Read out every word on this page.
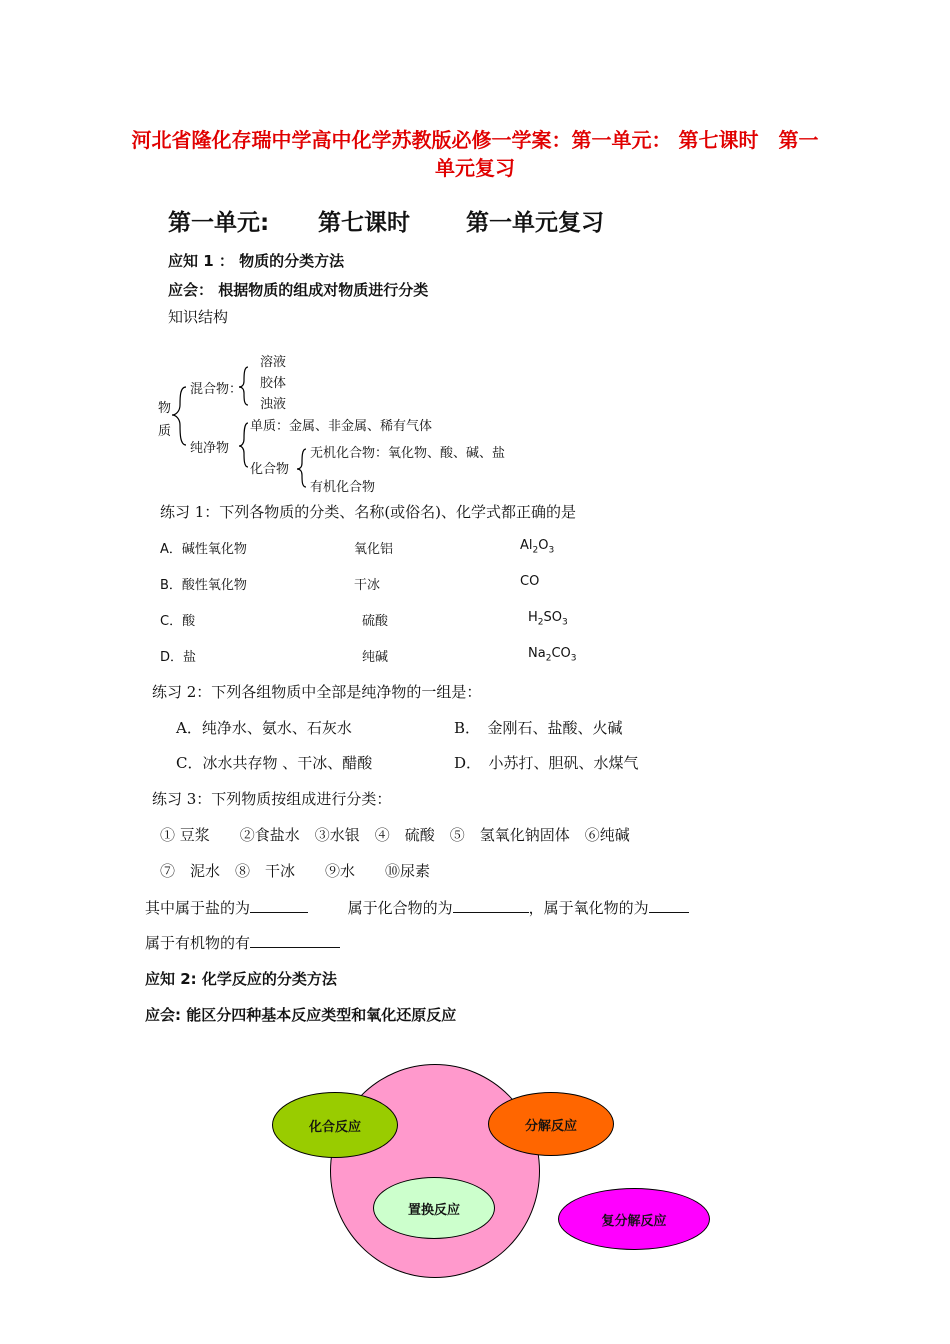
河北省隆化存瑞中学高中化学苏教版必修一学案：第一单元： 第七课时　第一单元复习
第一单元: 第七课时 第一单元复习
应知 1 ： 物质的分类方法
应会： 根据物质的组成对物质进行分类
知识结构
物
质
混合物：
溶液
胶体
浊液
纯净物
单质：金属、非金属、稀有气体
化合物
无机化合物：氧化物、酸、碱、盐
有机化合物
练习 1：下列各物质的分类、名称(或俗名)、化学式都正确的是
A．碱性氧化物	氧化铝	$Al_2O_3$
B．酸性氧化物	干冰	CO
C．酸	硫酸	$H_2SO_3$
D．盐	纯碱	$Na_2CO_3$
练习 2：下列各组物质中全部是纯净物的一组是：
A．纯净水、氨水、石灰水	B．　金刚石、盐酸、火碱
C．冰水共存物 、干冰、醋酸	D．　小苏打、胆矾、水煤气
练习 3：下列物质按组成进行分类：
① 豆浆　　②食盐水　③水银　④　硫酸　⑤　氢氧化钠固体　⑥纯碱
⑦　泥水　⑧　干冰　　⑨水　　⑩尿素
其中属于盐的为	属于化合物的为	，属于氧化物的为
属于有机物的有
应知 2: 化学反应的分类方法
应会: 能区分四种基本反应类型和氧化还原反应
化合反应	分解反应
置换反应
复分解反应
